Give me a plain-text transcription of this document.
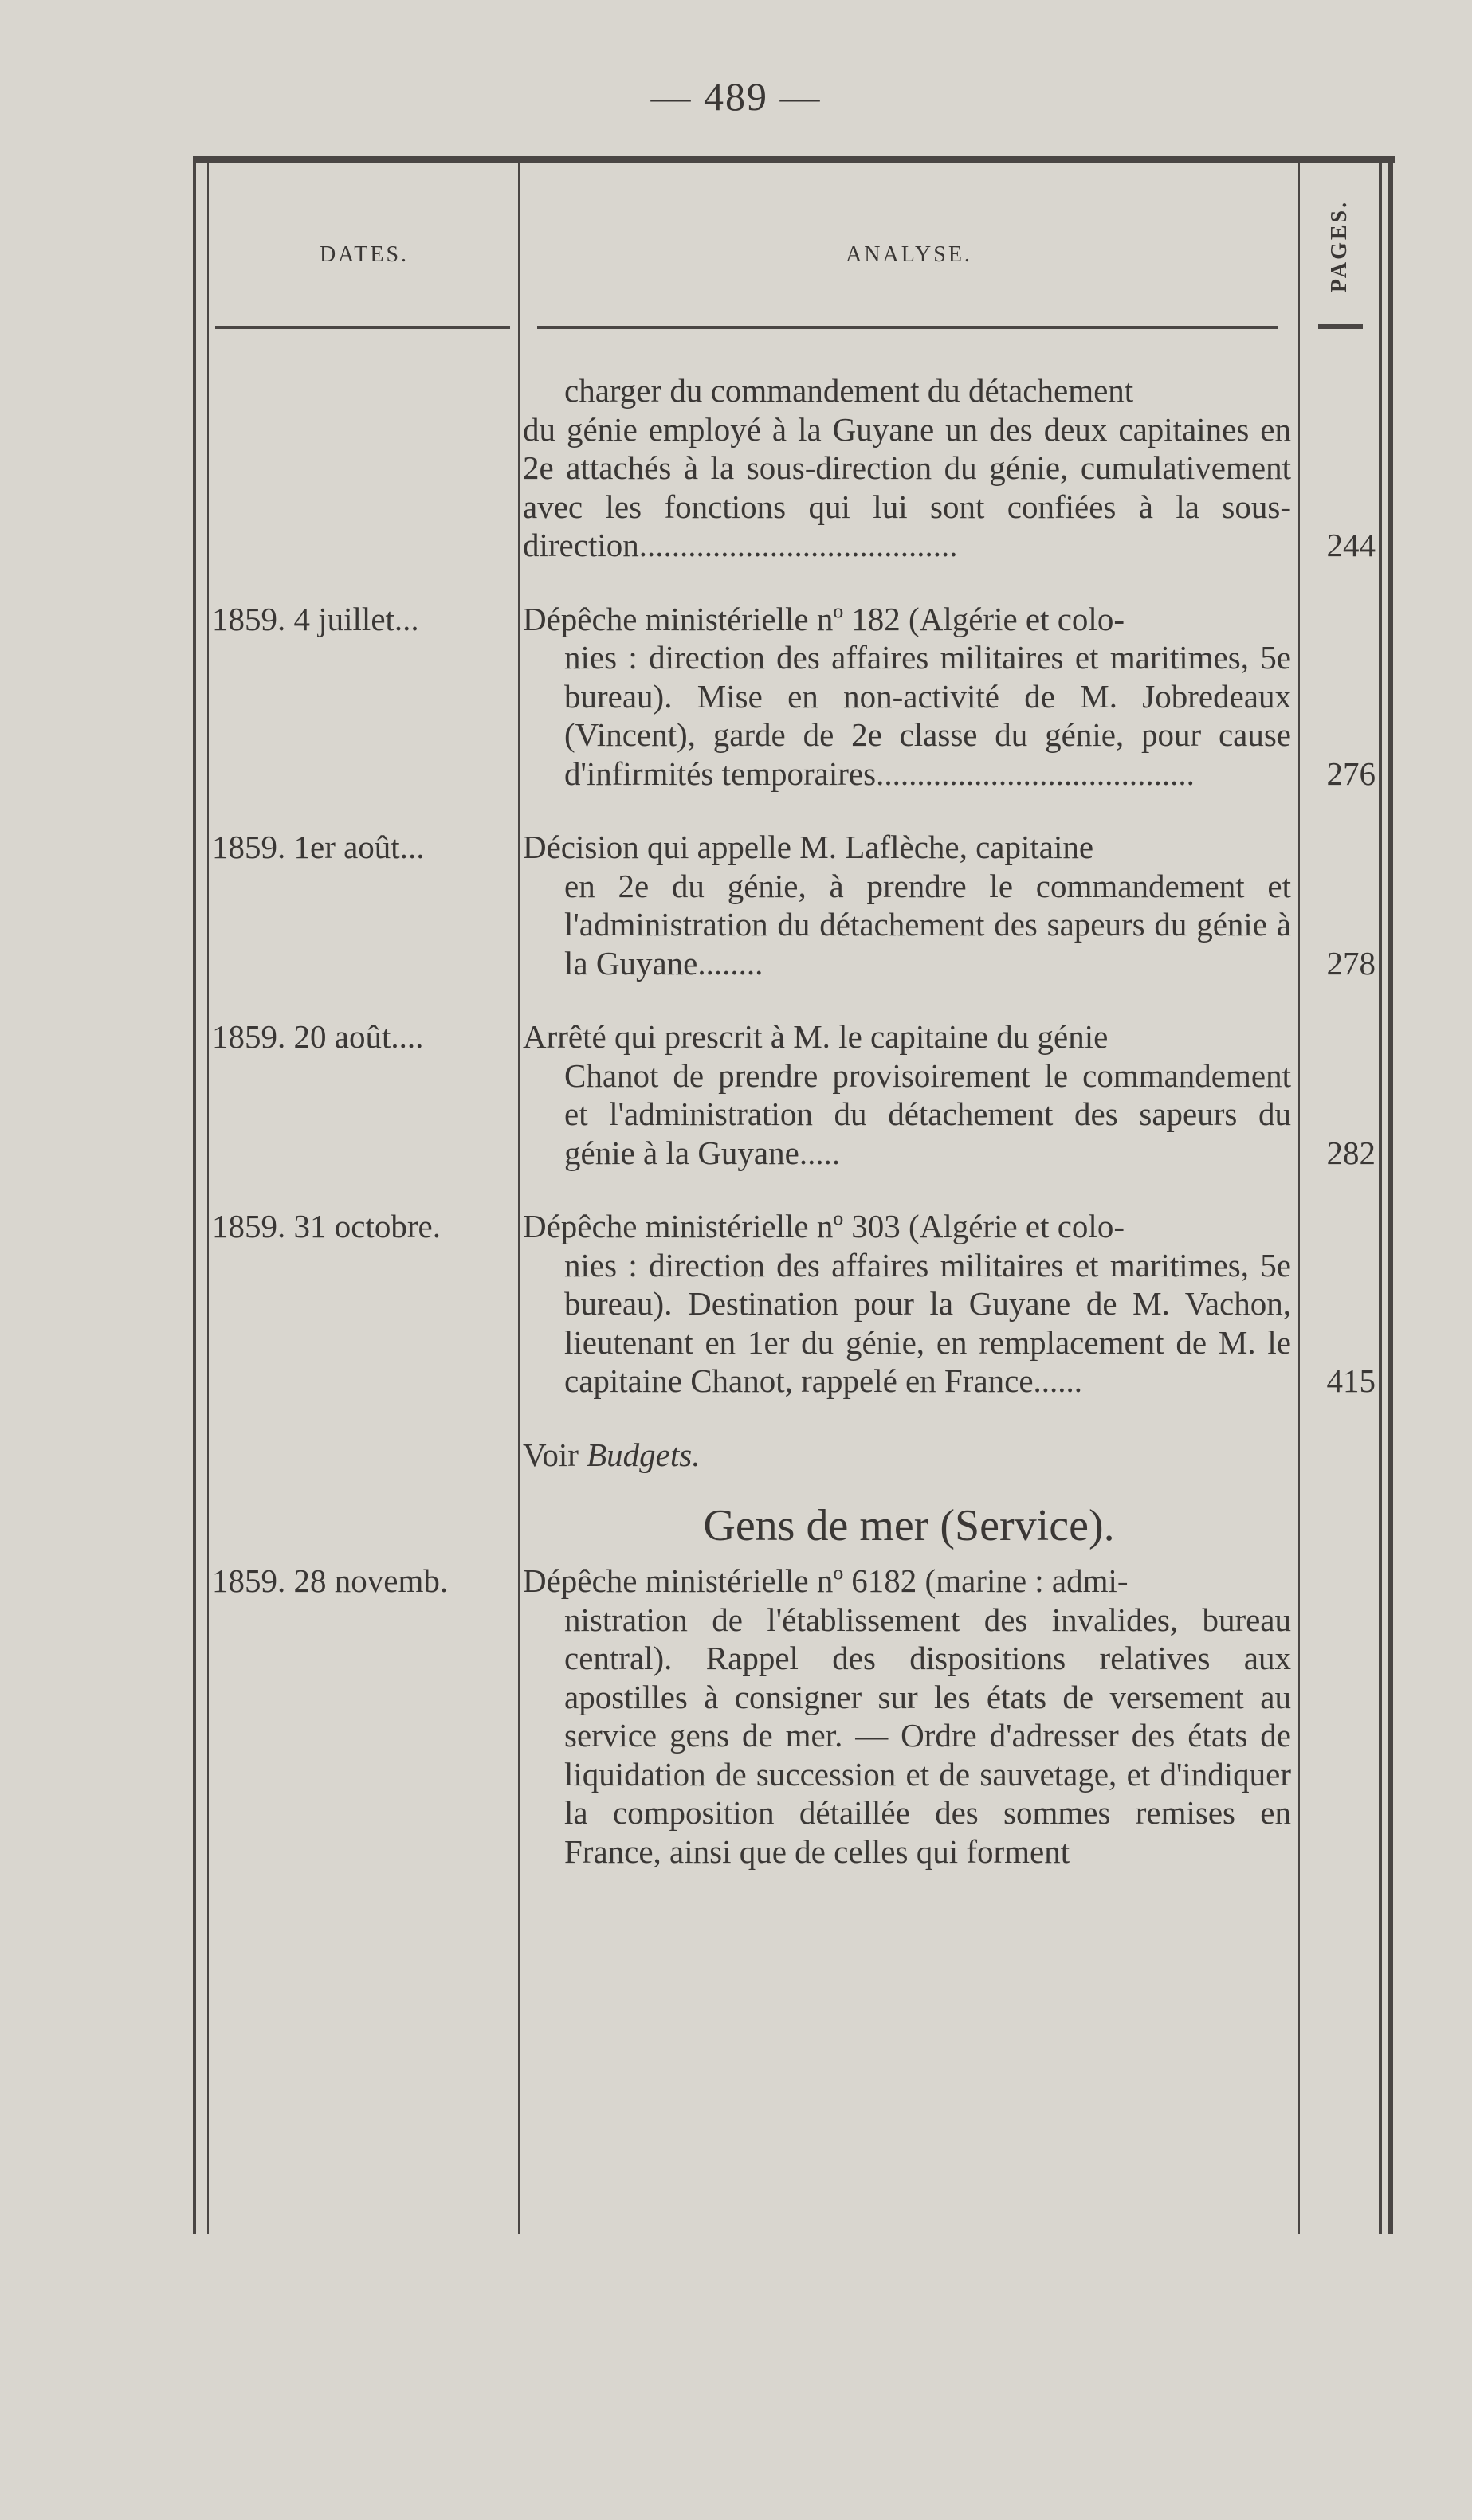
— 489 —
DATES.	ANALYSE.	PAGES.
charger du commandement du détachement
du génie employé à la Guyane un des deux capitaines en 2e attachés à la sous-direction du génie, cumulativement avec les fonctions qui lui sont confiées à la sous-direction.......................................	244
1859. 4 juillet...	Dépêche ministérielle nº 182 (Algérie et colo-
nies : direction des affaires militaires et maritimes, 5e bureau). Mise en non-activité de M. Jobredeaux (Vincent), garde de 2e classe du génie, pour cause d'infirmités temporaires.......................................	276
1859. 1er août...	Décision qui appelle M. Laflèche, capitaine
en 2e du génie, à prendre le commandement et l'administration du détachement des sapeurs du génie à la Guyane........	278
1859. 20 août....	Arrêté qui prescrit à M. le capitaine du génie
Chanot de prendre provisoirement le commandement et l'administration du détachement des sapeurs du génie à la Guyane.....	282
1859. 31 octobre.	Dépêche ministérielle nº 303 (Algérie et colo-
nies : direction des affaires militaires et maritimes, 5e bureau). Destination pour la Guyane de M. Vachon, lieutenant en 1er du génie, en remplacement de M. le capitaine Chanot, rappelé en France......	415
Voir Budgets.
Gens de mer (Service).
1859. 28 novemb.	Dépêche ministérielle nº 6182 (marine : admi-
nistration de l'établissement des invalides, bureau central). Rappel des dispositions relatives aux apostilles à consigner sur les états de versement au service gens de mer. — Ordre d'adresser des états de liquidation de succession et de sauvetage, et d'indiquer la composition détaillée des sommes remises en France, ainsi que de celles qui forment
